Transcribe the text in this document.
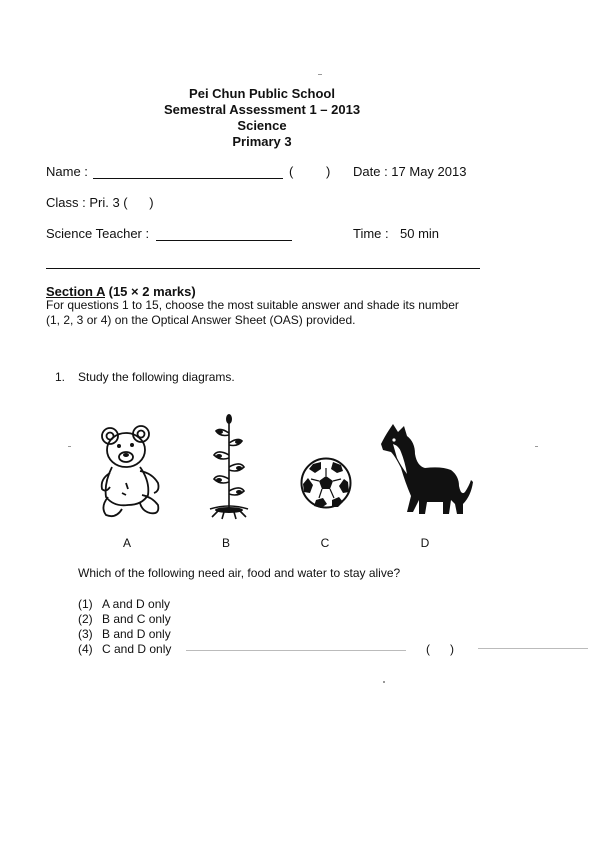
Pei Chun Public School
Semestral Assessment 1 – 2013
Science
Primary 3
Name :	(	) Date : 17 May 2013
Class : Pri. 3 (      )
Science Teacher :	Time : 50 min
Section A (15 × 2 marks)
For questions 1 to 15, choose the most suitable answer and shade its number
(1, 2, 3 or 4) on the Optical Answer Sheet (OAS) provided.
1. Study the following diagrams.
A	B	C	D
Which of the following need air, food and water to stay alive?
(1) A and D only
(2) B and C only
(3) B and D only
(4) C and D only	(      )
